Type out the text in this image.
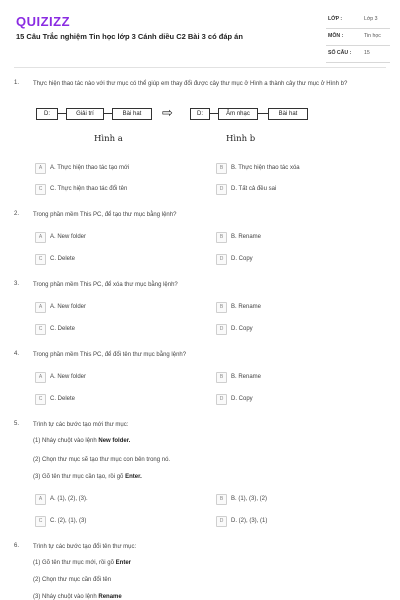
QUIZIZZ
15 Câu Trắc nghiệm Tin học lớp 3 Cánh diều C2 Bài 3 có đáp án
LỚP :	Lớp 3
MÔN :	Tin học
SỐ CÂU : 15
1. Thực hiện thao tác nào với thư mục có thể giúp em thay đổi được cây thư mục ở Hình a thành cây thư mục ở Hình b?
D:	Giải trí	Bài hat	⇨	D:	Âm nhạc	Bài hat
Hình a	Hình b
A	A. Thực hiện thao tác tạo mới	B	B. Thực hiện thao tác xóa
C	C. Thực hiện thao tác đổi tên	D	D. Tất cả đều sai
2. Trong phần mềm This PC, để tạo thư mục bằng lệnh?
A	A. New folder	B	B. Rename
C	C. Delete	D	D. Copy
3. Trong phần mềm This PC, để xóa thư mục bằng lệnh?
A	A. New folder	B	B. Rename
C	C. Delete	D	D. Copy
4. Trong phần mềm This PC, để đổi tên thư mục bằng lệnh?
A	A. New folder	B	B. Rename
C	C. Delete	D	D. Copy
5. Trình tự các bước tạo mới thư mục:
(1) Nháy chuột vào lệnh New folder.
(2) Chọn thư mục sẽ tạo thư mục con bên trong nó.
(3) Gõ tên thư mục cần tạo, rồi gõ Enter.
A	A. (1), (2), (3).	B	B. (1), (3), (2)
C	C. (2), (1), (3)	D	D. (2), (3), (1)
6. Trình tự các bước tạo đổi tên thư mục:
(1) Gõ tên thư mục mới, rồi gõ Enter
(2) Chọn thư mục cần đổi tên
(3) Nháy chuột vào lệnh Rename
